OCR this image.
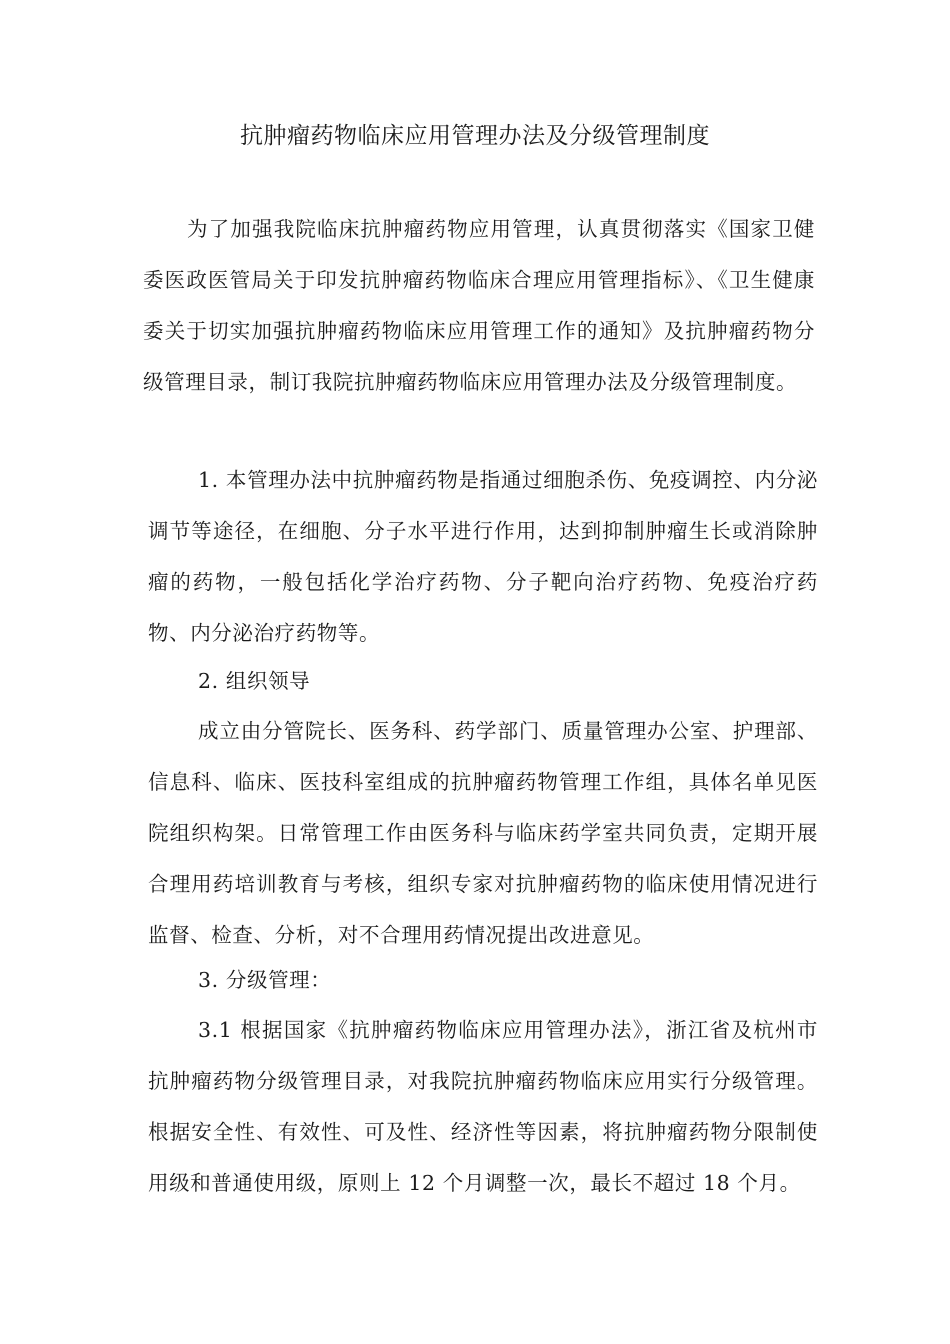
抗肿瘤药物临床应用管理办法及分级管理制度

为了加强我院临床抗肿瘤药物应用管理，认真贯彻落实《国家卫健委医政医管局关于印发抗肿瘤药物临床合理应用管理指标》、《卫生健康委关于切实加强抗肿瘤药物临床应用管理工作的通知》及抗肿瘤药物分级管理目录，制订我院抗肿瘤药物临床应用管理办法及分级管理制度。

1. 本管理办法中抗肿瘤药物是指通过细胞杀伤、免疫调控、内分泌调节等途径，在细胞、分子水平进行作用，达到抑制肿瘤生长或消除肿瘤的药物，一般包括化学治疗药物、分子靶向治疗药物、免疫治疗药物、内分泌治疗药物等。

2. 组织领导

成立由分管院长、医务科、药学部门、质量管理办公室、护理部、信息科、临床、医技科室组成的抗肿瘤药物管理工作组，具体名单见医院组织构架。日常管理工作由医务科与临床药学室共同负责，定期开展合理用药培训教育与考核，组织专家对抗肿瘤药物的临床使用情况进行监督、检查、分析，对不合理用药情况提出改进意见。

3. 分级管理：

3.1 根据国家《抗肿瘤药物临床应用管理办法》，浙江省及杭州市抗肿瘤药物分级管理目录，对我院抗肿瘤药物临床应用实行分级管理。根据安全性、有效性、可及性、经济性等因素，将抗肿瘤药物分限制使用级和普通使用级，原则上 12 个月调整一次，最长不超过 18 个月。
